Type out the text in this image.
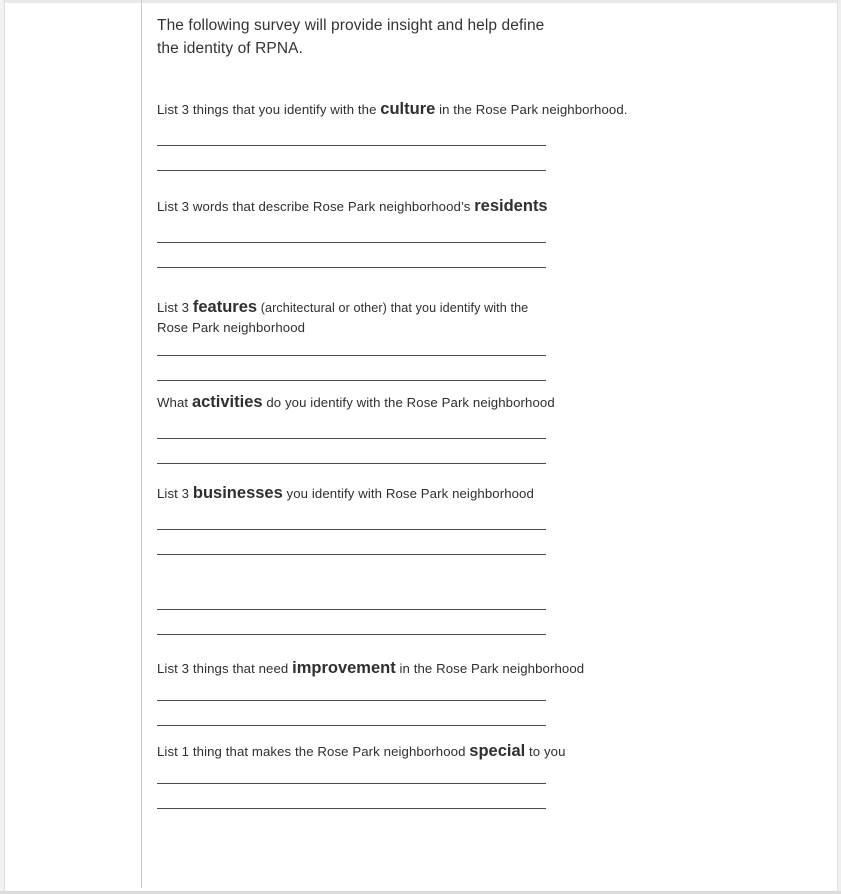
The following survey will provide insight and help define
the identity of RPNA.
List 3 things that you identify with the culture in the Rose Park neighborhood.
List 3 words that describe Rose Park neighborhood’s residents
List 3 features (architectural or other) that you identify with the
Rose Park neighborhood
What activities do you identify with the Rose Park neighborhood
List 3 businesses you identify with Rose Park neighborhood
List 3 things that need improvement in the Rose Park neighborhood
List 1 thing that makes the Rose Park neighborhood special to you
